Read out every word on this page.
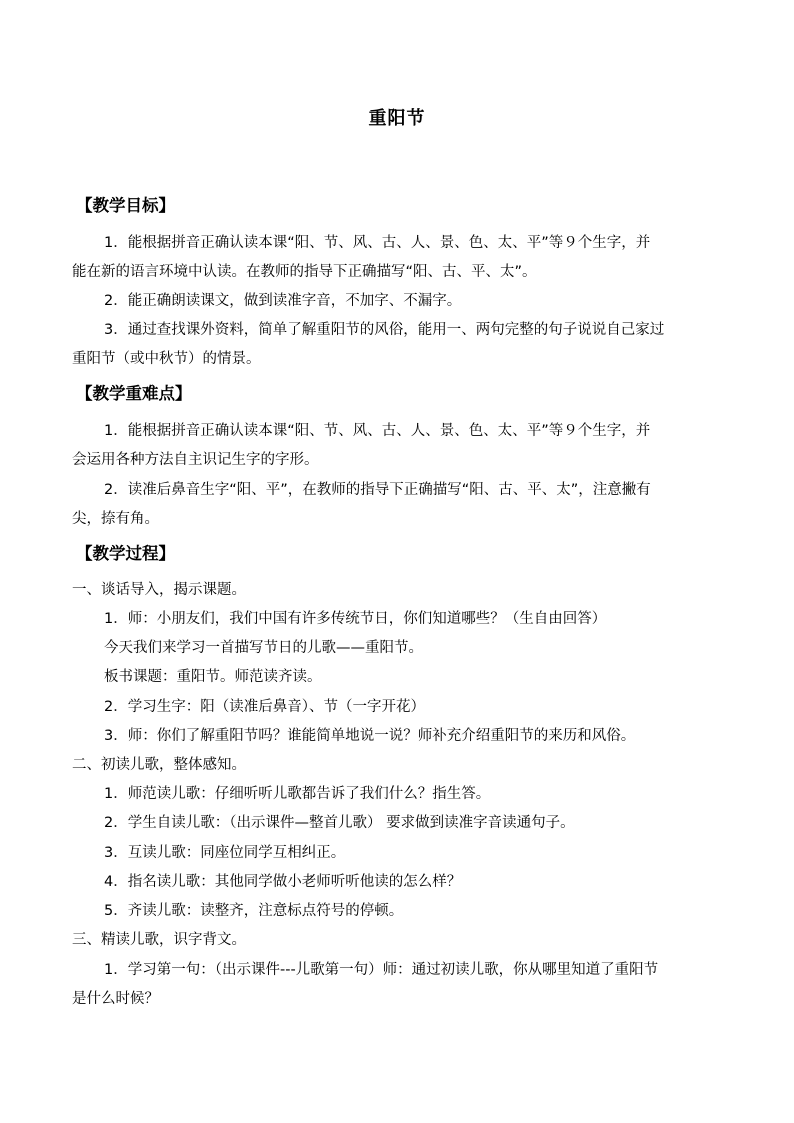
重阳节
【教学目标】
1．能根据拼音正确认读本课“阳、节、风、古、人、景、色、太、平”等９个生字，并
能在新的语言环境中认读。在教师的指导下正确描写“阳、古、平、太”。
2．能正确朗读课文，做到读准字音，不加字、不漏字。
3．通过查找课外资料，简单了解重阳节的风俗，能用一、两句完整的句子说说自己家过
重阳节（或中秋节）的情景。
【教学重难点】
1．能根据拼音正确认读本课“阳、节、风、古、人、景、色、太、平”等９个生字，并
会运用各种方法自主识记生字的字形。
2．读准后鼻音生字“阳、平”，在教师的指导下正确描写“阳、古、平、太”，注意撇有
尖，捺有角。
【教学过程】
一、谈话导入，揭示课题。
1．师：小朋友们，我们中国有许多传统节日，你们知道哪些？（生自由回答）
今天我们来学习一首描写节日的儿歌——重阳节。
板书课题：重阳节。师范读齐读。
2．学习生字：阳（读准后鼻音）、节（一字开花）
3．师：你们了解重阳节吗？谁能简单地说一说？师补充介绍重阳节的来历和风俗。
二、初读儿歌，整体感知。
1．师范读儿歌：仔细听听儿歌都告诉了我们什么？指生答。
2．学生自读儿歌：（出示课件—整首儿歌） 要求做到读准字音读通句子。
3．互读儿歌：同座位同学互相纠正。
4．指名读儿歌：其他同学做小老师听听他读的怎么样？
5．齐读儿歌：读整齐，注意标点符号的停顿。
三、精读儿歌，识字背文。
1．学习第一句：（出示课件---儿歌第一句）师：通过初读儿歌，你从哪里知道了重阳节
是什么时候？
